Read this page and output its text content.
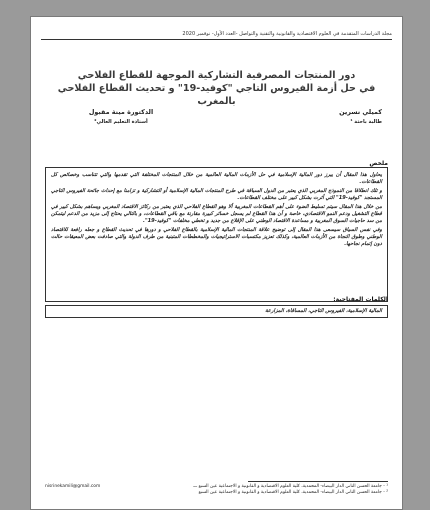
مجلة الدراسات المتقدمة في العلوم الاقتصادية والقانونية والتقنية والتواصل -العدد الأول- نوفمبر 2020
دور المنتجات المصرفية التشاركية الموجهة للقطاع الفلاحي
في حل أزمة الفيروس التاجي "كوفيد-19" و تحديث القطاع الفلاحي بالمغرب
كميلي نسرين
طالبة باحثة ¹
الدكتورة مينة مقبول
أستاذة التعليم العالي²
ملخص

يحاول هذا المقال أن يبرز دور المالية الإسلامية في حل الأزمات المالية العالمية من خلال المنتجات المختلفة التي تقدمها والتي تتناسب وخصائص كل القطاعات.

و تلك انطلاقا من النموذج المغربي الذي يعتبر من الدول السباقة في طرح المنتجات المالية الإسلامية أو التشاركية و تزامنا مع إحداث جائحة الفيروس التاجي المستجد "كوفيد-19" التي أثرت بشكل كبير على مختلف القطاعات.

من خلال هذا المقال سيتم تسليط الضوء على أهم القطاعات المغربية ألا وهو القطاع الفلاحي الذي يعتبر من ركائز الاقتصاد المغربي ويساهم بشكل كبير في قطاع التشغيل ودعم النمو الاقتصادي، خاصة و أن هذا القطاع لم يسجل خسائر كبيرة مقارنة مع باقي القطاعات، و بالتالي يحتاج إلى مزيد من الدعم ليتمكن من سد حاجيات السوق المغربية و مساعدة الاقتصاد الوطني على الإقلاع من جديد و تخطي مخلفات "كوفيد-19".

وفي نفس السياق سيسعى هذا المقال إلى توضيح علاقة المنتجات المالية الإسلامية بالقطاع الفلاحي و دورها في تحديث القطاع و جعله رافعة للاقتصاد الوطني وطوق النجاة من الأزمات العالمية، وكذلك تعزيز مكتسبات الاستراتيجيات والمخططات المتبنية من طرف الدولة والتي صادفت بعض المعيقات حالت دون إتمام نجاحها.

الكلمات المفتاحية:
المالية الإسلامية، الفيروس التاجي، المساقاة، المزارعة
¹ - جامعة الحسن الثاني الدار البيضاء- المحمدية، كلية العلوم الاقتصادية و القانونية و الاجتماعية عين السبع ـــ
nisrinekamili@gmail.com
² - جامعة الحسن الثاني الدار البيضاء- المحمدية، كلية العلوم الاقتصادية و القانونية و الاجتماعية عين السبع
